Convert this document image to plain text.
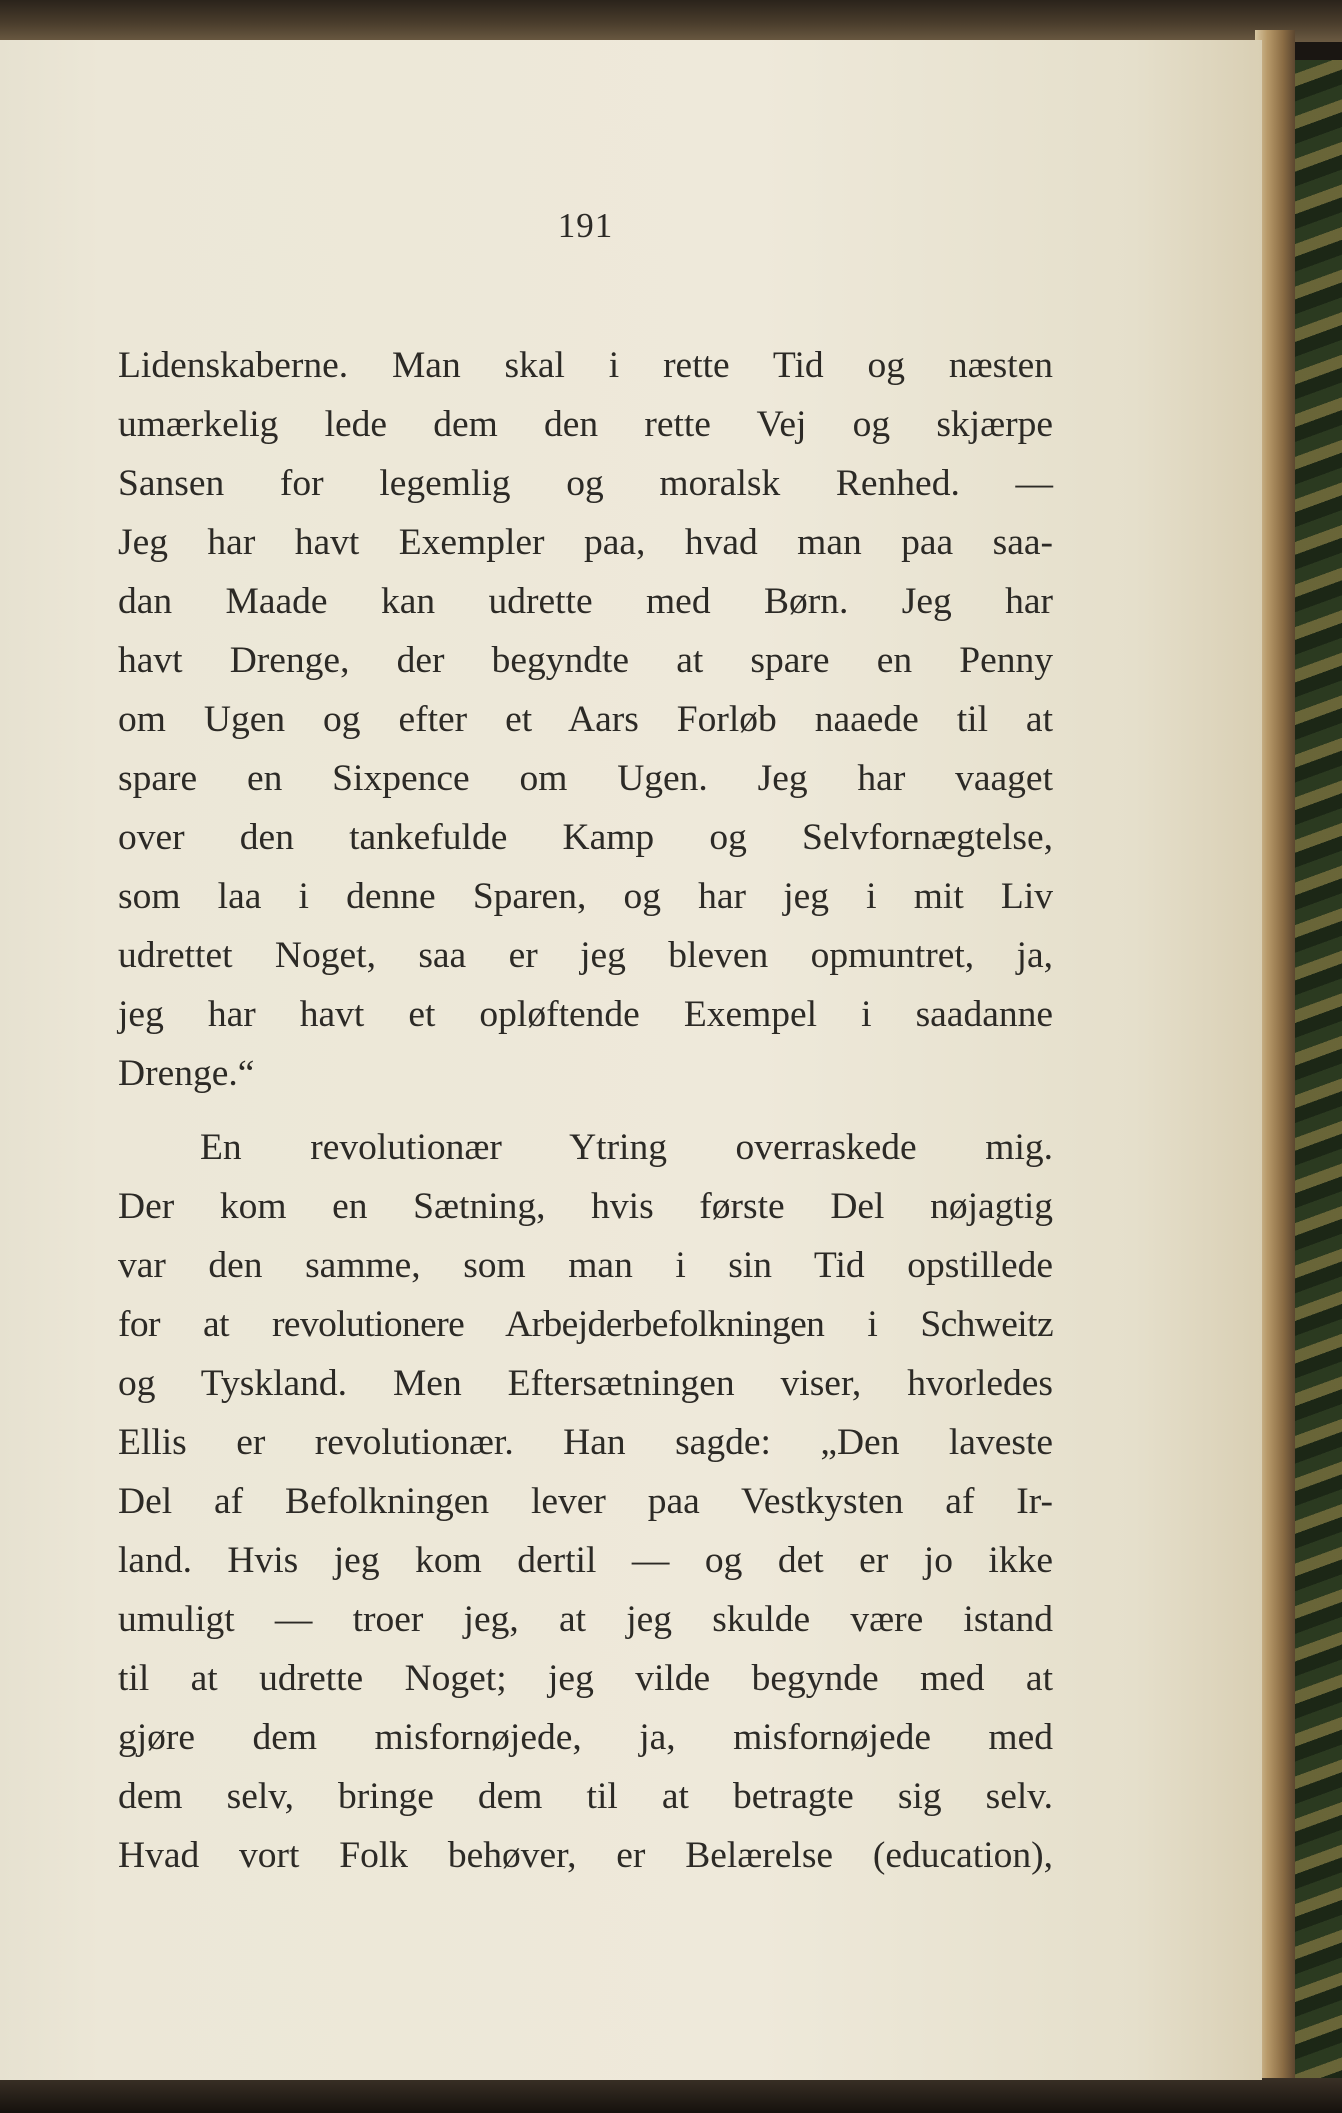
191
Lidenskaberne. Man skal i rette Tid og næsten
umærkelig lede dem den rette Vej og skjærpe
Sansen for legemlig og moralsk Renhed. —
Jeg har havt Exempler paa, hvad man paa saa-
dan Maade kan udrette med Børn. Jeg har
havt Drenge, der begyndte at spare en Penny
om Ugen og efter et Aars Forløb naaede til at
spare en Sixpence om Ugen. Jeg har vaaget
over den tankefulde Kamp og Selvfornægtelse,
som laa i denne Sparen, og har jeg i mit Liv
udrettet Noget, saa er jeg bleven opmuntret, ja,
jeg har havt et opløftende Exempel i saadanne
Drenge.“
En revolutionær Ytring overraskede mig.
Der kom en Sætning, hvis første Del nøjagtig
var den samme, som man i sin Tid opstillede
for at revolutionere Arbejderbefolkningen i Schweitz
og Tyskland. Men Eftersætningen viser, hvorledes
Ellis er revolutionær. Han sagde: „Den laveste
Del af Befolkningen lever paa Vestkysten af Ir-
land. Hvis jeg kom dertil — og det er jo ikke
umuligt — troer jeg, at jeg skulde være istand
til at udrette Noget; jeg vilde begynde med at
gjøre dem misfornøjede, ja, misfornøjede med
dem selv, bringe dem til at betragte sig selv.
Hvad vort Folk behøver, er Belærelse (education),
